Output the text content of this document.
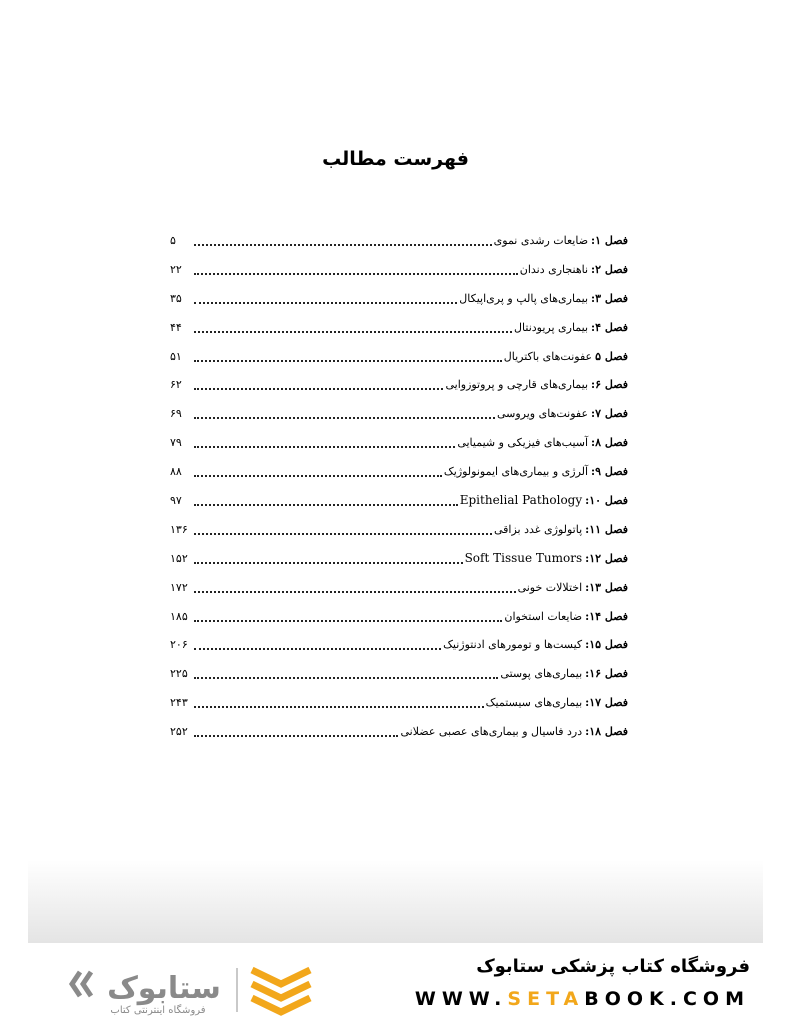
فهرست مطالب
فصل ۱:
ضایعات رشدی نموی
۵
فصل ۲:
ناهنجاری دندان
۲۲
فصل ۳:
بیماری‌های پالپ و پری‌اپیکال
۳۵
فصل ۴:
بیماری پریودنتال
۴۴
فصل ۵
عفونت‌های باکتریال
۵۱
فصل ۶:
بیماری‌های قارچی و پروتوزوایی
۶۲
فصل ۷:
عفونت‌های ویروسی
۶۹
فصل ۸:
آسیب‌های فیزیکی و شیمیایی
۷۹
فصل ۹:
آلرژی و بیماری‌های ایمونولوژیک
۸۸
فصل ۱۰:
Epithelial Pathology
۹۷
فصل ۱۱:
پاتولوژی غدد بزاقی
۱۳۶
فصل ۱۲:
Soft Tissue Tumors
۱۵۲
فصل ۱۳:
اختلالات خونی
۱۷۲
فصل ۱۴:
ضایعات استخوان
۱۸۵
فصل ۱۵:
کیست‌ها و تومورهای ادنتوژنیک
۲۰۶
فصل ۱۶:
بیماری‌های پوستی
۲۲۵
فصل ۱۷:
بیماری‌های سیستمیک
۲۴۳
فصل ۱۸:
درد فاسیال و بیماری‌های عصبی عضلانی
۲۵۲
ستابوک
فروشگاه اینترنتی کتاب
فروشگاه کتاب پزشکی ستابوک
WWW.SETABOOK.COM
